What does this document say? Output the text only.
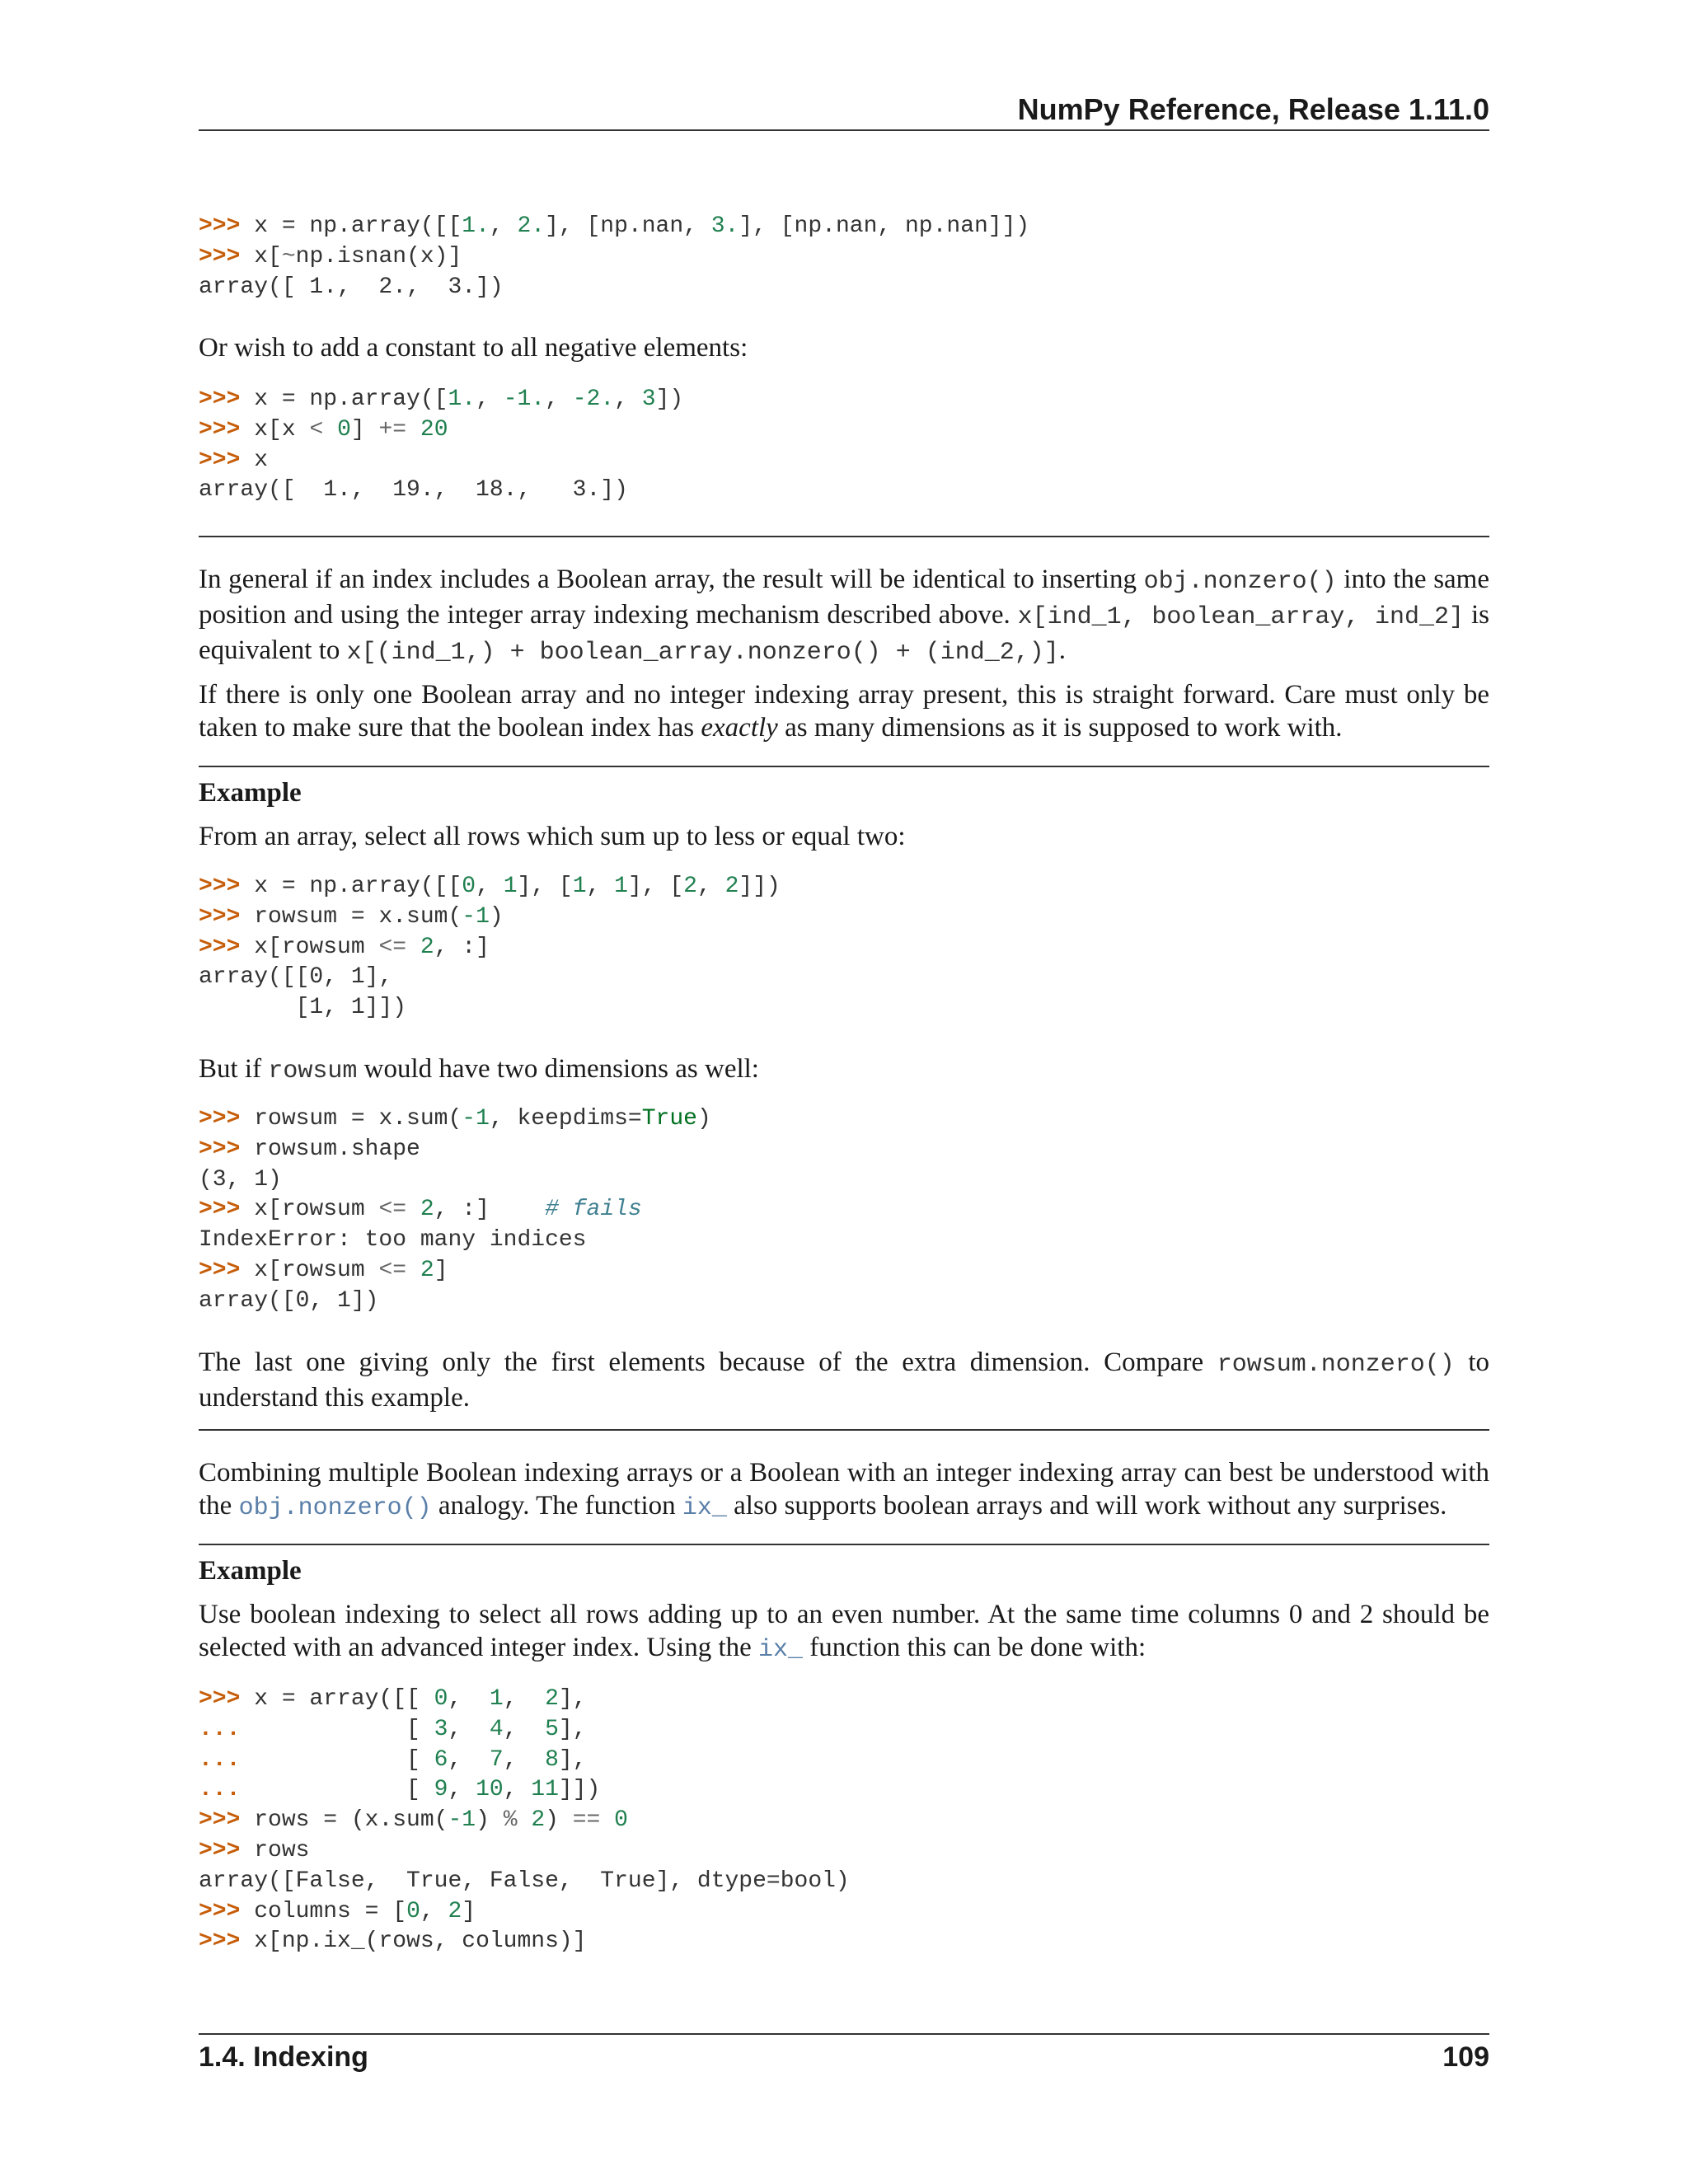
NumPy Reference, Release 1.11.0
>>> x = np.array([[1., 2.], [np.nan, 3.], [np.nan, np.nan]])
>>> x[~np.isnan(x)]
array([ 1.,  2.,  3.])

Or wish to add a constant to all negative elements:

>>> x = np.array([1., -1., -2., 3])
>>> x[x < 0] += 20
>>> x
array([  1.,  19.,  18.,   3.])

In general if an index includes a Boolean array, the result will be identical to inserting obj.nonzero() into the same position and using the integer array indexing mechanism described above. x[ind_1, boolean_array, ind_2] is equivalent to x[(ind_1,) + boolean_array.nonzero() + (ind_2,)].

If there is only one Boolean array and no integer indexing array present, this is straight forward. Care must only be taken to make sure that the boolean index has exactly as many dimensions as it is supposed to work with.

Example

From an array, select all rows which sum up to less or equal two:

>>> x = np.array([[0, 1], [1, 1], [2, 2]])
>>> rowsum = x.sum(-1)
>>> x[rowsum <= 2, :]
array([[0, 1],
[1, 1]])

But if rowsum would have two dimensions as well:

>>> rowsum = x.sum(-1, keepdims=True)
>>> rowsum.shape
(3, 1)
>>> x[rowsum <= 2, :]    # fails
IndexError: too many indices
>>> x[rowsum <= 2]
array([0, 1])

The last one giving only the first elements because of the extra dimension. Compare rowsum.nonzero() to understand this example.

Combining multiple Boolean indexing arrays or a Boolean with an integer indexing array can best be understood with the obj.nonzero() analogy. The function ix_ also supports boolean arrays and will work without any surprises.

Example

Use boolean indexing to select all rows adding up to an even number. At the same time columns 0 and 2 should be selected with an advanced integer index. Using the ix_ function this can be done with:

>>> x = array([[ 0,  1,  2],
...            [ 3,  4,  5],
...            [ 6,  7,  8],
...            [ 9, 10, 11]])
>>> rows = (x.sum(-1) % 2) == 0
>>> rows
array([False,  True, False,  True], dtype=bool)
>>> columns = [0, 2]
>>> x[np.ix_(rows, columns)]
1.4. Indexing	109
